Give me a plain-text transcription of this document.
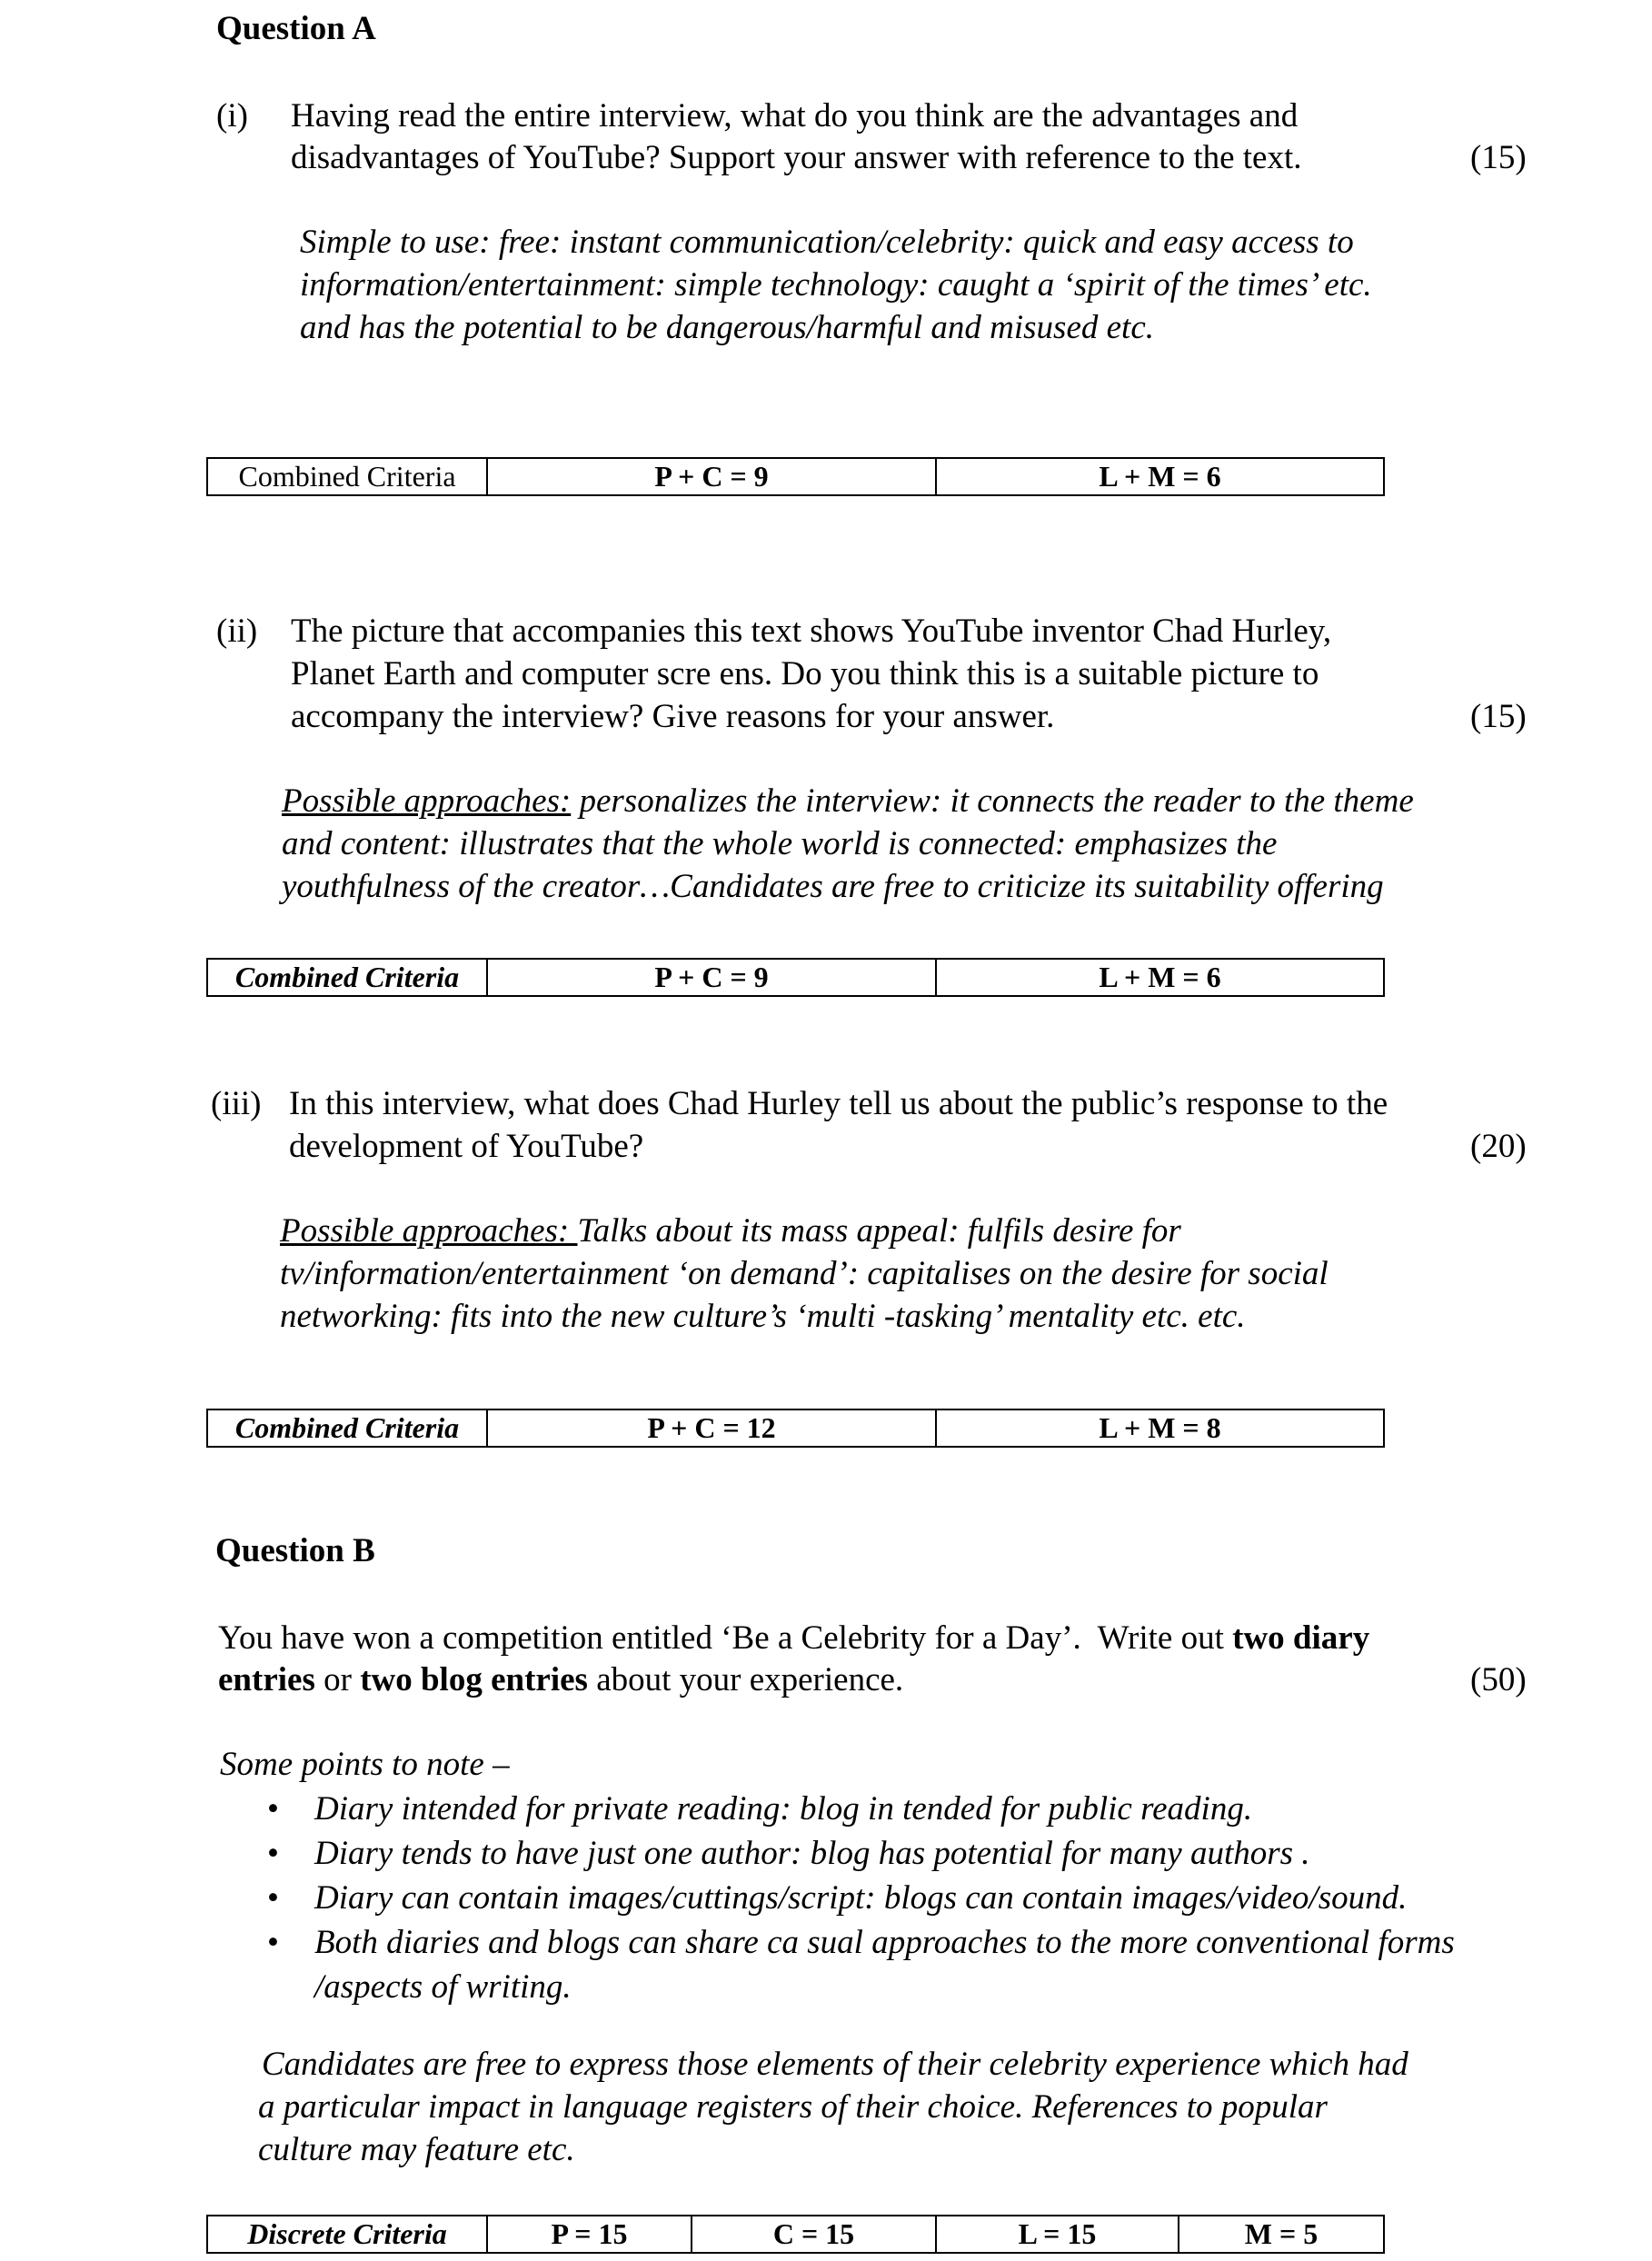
Question A
(i) Having read the entire interview, what do you think are the advantages and
disadvantages of YouTube? Support your answer with reference to the text.	(15)
Simple to use: free: instant communication/celebrity: quick and easy access to
information/entertainment: simple technology: caught a ‘spirit of the times’ etc.
and has the potential to be dangerous/harmful and misused etc.
Combined Criteria	P + C = 9	L + M = 6
(ii) The picture that accompanies this text shows YouTube inventor Chad Hurley,
Planet Earth and computer scre ens. Do you think this is a suitable picture to
accompany the interview? Give reasons for your answer.	(15)
Possible approaches: personalizes the interview: it connects the reader to the theme
and content: illustrates that the whole world is connected: emphasizes the
youthfulness of the creator…Candidates are free to criticize its suitability offering
Combined Criteria	P + C = 9	L + M = 6
(iii) In this interview, what does Chad Hurley tell us about the public’s response to the
development of YouTube?	(20)
Possible approaches: Talks about its mass appeal: fulfils desire for
tv/information/entertainment ‘on demand’: capitalises on the desire for social
networking: fits into the new culture’s ‘multi -tasking’ mentality etc. etc.
Combined Criteria	P + C = 12	L + M = 8
Question B
You have won a competition entitled ‘Be a Celebrity for a Day’.  Write out two diary
entries or two blog entries about your experience.	(50)
Some points to note –
• Diary intended for private reading: blog in tended for public reading.
• Diary tends to have just one author: blog has potential for many authors .
• Diary can contain images/cuttings/script: blogs can contain images/video/sound.
• Both diaries and blogs can share ca sual approaches to the more conventional forms
/aspects of writing.
Candidates are free to express those elements of their celebrity experience which had
a particular impact in language registers of their choice. References to popular
culture may feature etc.
Discrete Criteria	P = 15	C = 15	L = 15	M = 5
